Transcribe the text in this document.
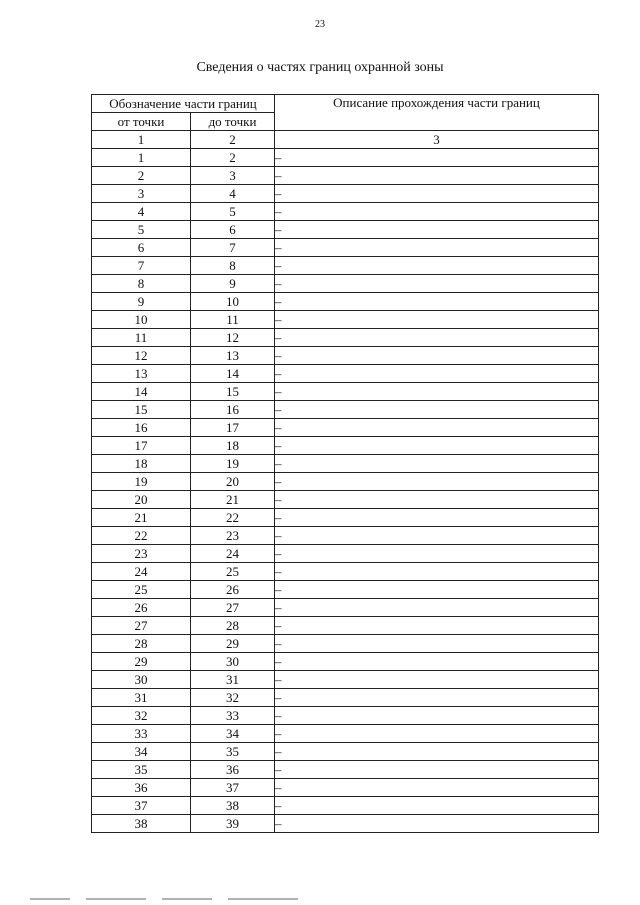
23
Сведения о частях границ охранной зоны
Обозначение части границ		Описание прохождения части границ
от точки	до точки	
1	2	3
1	2	–
2	3	–
3	4	–
4	5	–
5	6	–
6	7	–
7	8	–
8	9	–
9	10	–
10	11	–
11	12	–
12	13	–
13	14	–
14	15	–
15	16	–
16	17	–
17	18	–
18	19	–
19	20	–
20	21	–
21	22	–
22	23	–
23	24	–
24	25	–
25	26	–
26	27	–
27	28	–
28	29	–
29	30	–
30	31	–
31	32	–
32	33	–
33	34	–
34	35	–
35	36	–
36	37	–
37	38	–
38	39	–
